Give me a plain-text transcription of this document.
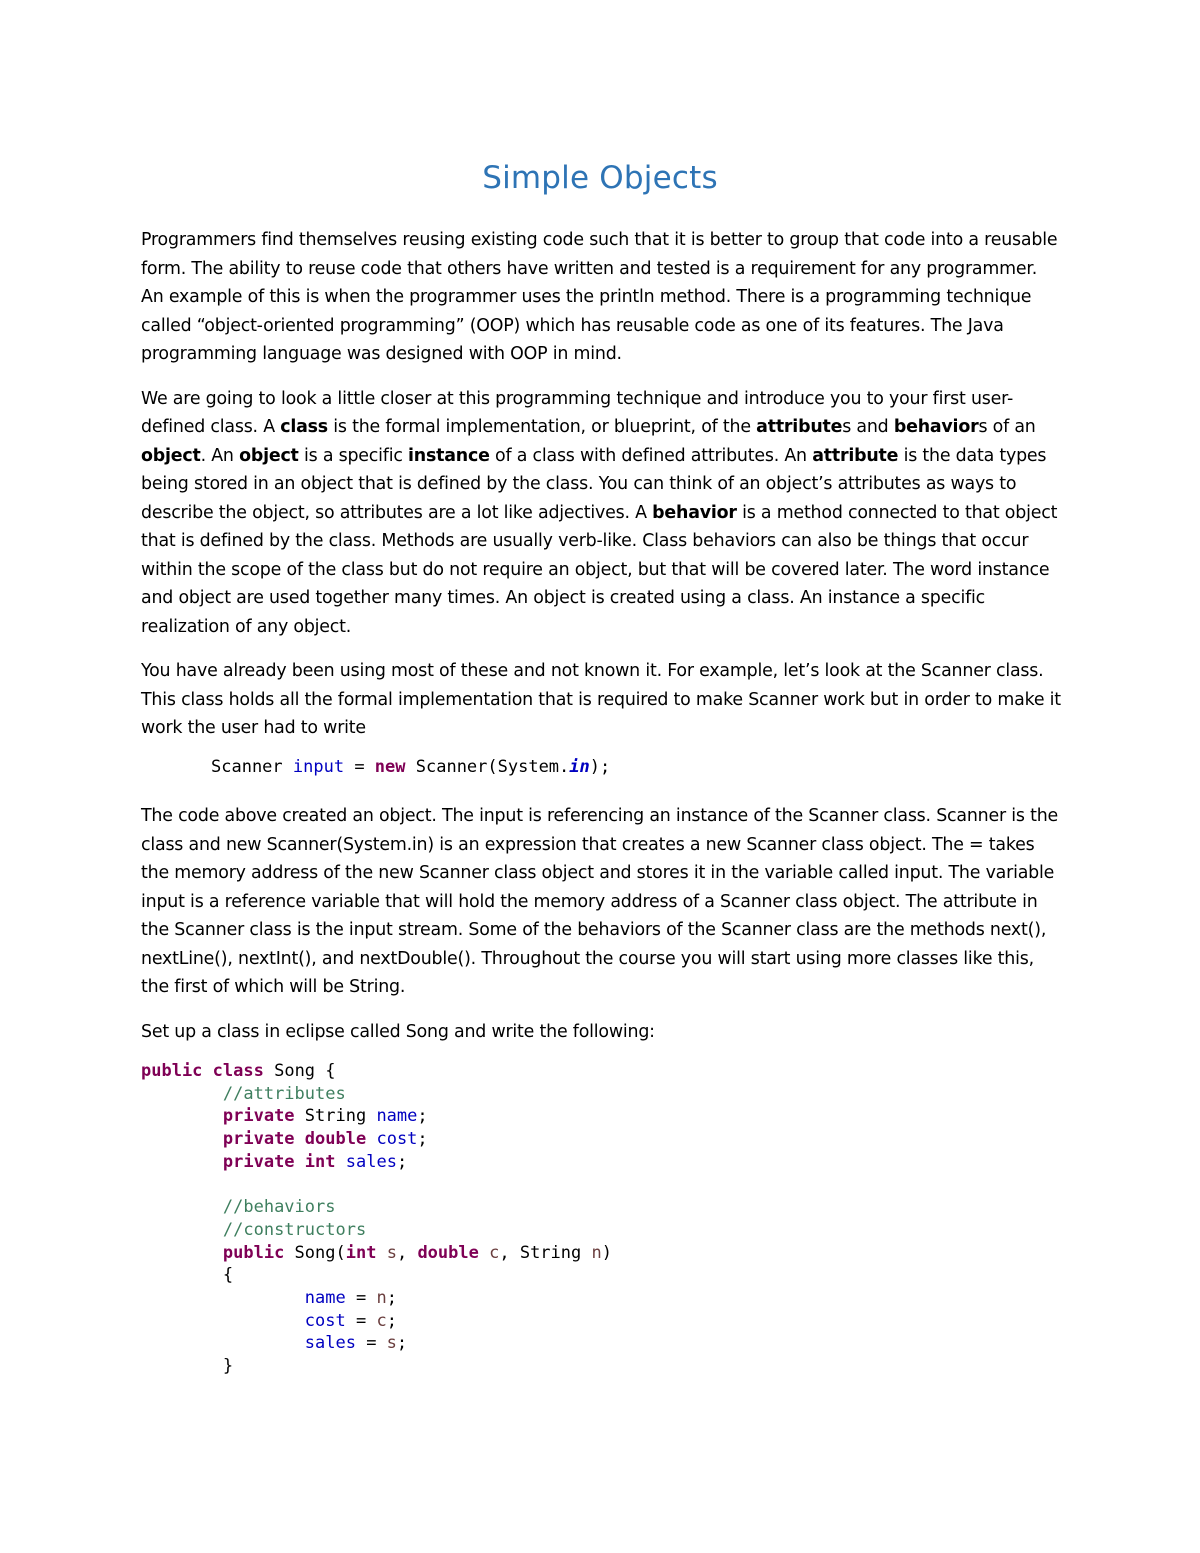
Simple Objects

Programmers find themselves reusing existing code such that it is better to group that code into a reusable form. The ability to reuse code that others have written and tested is a requirement for any programmer. An example of this is when the programmer uses the println method. There is a programming technique called “object-oriented programming” (OOP) which has reusable code as one of its features. The Java programming language was designed with OOP in mind.

We are going to look a little closer at this programming technique and introduce you to your first user-defined class. A class is the formal implementation, or blueprint, of the attributes and behaviors of an object. An object is a specific instance of a class with defined attributes. An attribute is the data types being stored in an object that is defined by the class. You can think of an object’s attributes as ways to describe the object, so attributes are a lot like adjectives. A behavior is a method connected to that object that is defined by the class. Methods are usually verb-like. Class behaviors can also be things that occur within the scope of the class but do not require an object, but that will be covered later. The word instance and object are used together many times. An object is created using a class. An instance a specific realization of any object.

You have already been using most of these and not known it. For example, let’s look at the Scanner class. This class holds all the formal implementation that is required to make Scanner work but in order to make it work the user had to write

Scanner input = new Scanner(System.in);

The code above created an object. The input is referencing an instance of the Scanner class. Scanner is the class and new Scanner(System.in) is an expression that creates a new Scanner class object. The = takes the memory address of the new Scanner class object and stores it in the variable called input. The variable input is a reference variable that will hold the memory address of a Scanner class object. The attribute in the Scanner class is the input stream. Some of the behaviors of the Scanner class are the methods next(), nextLine(), nextInt(), and nextDouble(). Throughout the course you will start using more classes like this, the first of which will be String.

Set up a class in eclipse called Song and write the following:

public class Song {
	//attributes
	private String name;
	private double cost;
	private int sales;

	//behaviors
	//constructors
	public Song(int s, double c, String n)
	{
		name = n;
		cost = c;
		sales = s;
	}
